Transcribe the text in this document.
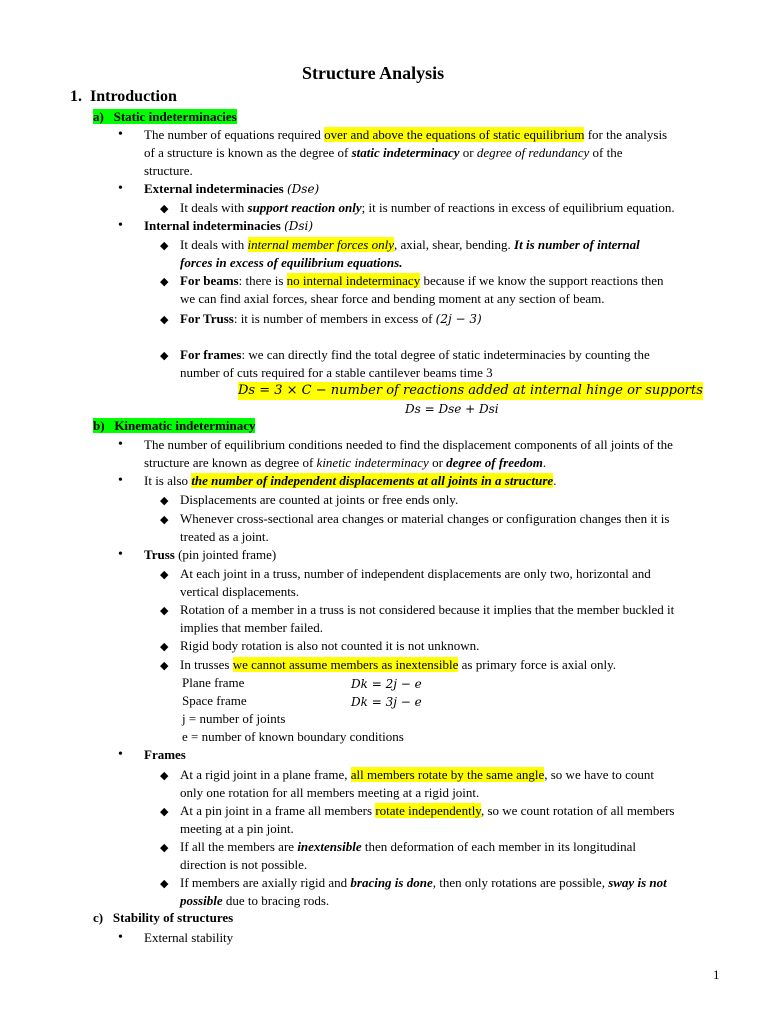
Structure Analysis
1. Introduction
a) Static indeterminacies
• The number of equations required over and above the equations of static equilibrium for the analysis
of a structure is known as the degree of static indeterminacy or degree of redundancy of the
structure.
• External indeterminacies (Dse)
◆ It deals with support reaction only; it is number of reactions in excess of equilibrium equation.
• Internal indeterminacies (Dsi)
◆ It deals with internal member forces only, axial, shear, bending. It is number of internal
forces in excess of equilibrium equations.
◆ For beams: there is no internal indeterminacy because if we know the support reactions then
we can find axial forces, shear force and bending moment at any section of beam.
◆ For Truss: it is number of members in excess of (2j − 3)
◆ For frames: we can directly find the total degree of static indeterminacies by counting the
number of cuts required for a stable cantilever beams time 3
Ds = 3 × C − number of reactions added at internal hinge or supports
Ds = Dse + Dsi
b) Kinematic indeterminacy
• The number of equilibrium conditions needed to find the displacement components of all joints of the
structure are known as degree of kinetic indeterminacy or degree of freedom.
• It is also the number of independent displacements at all joints in a structure.
◆ Displacements are counted at joints or free ends only.
◆ Whenever cross-sectional area changes or material changes or configuration changes then it is
treated as a joint.
• Truss (pin jointed frame)
◆ At each joint in a truss, number of independent displacements are only two, horizontal and
vertical displacements.
◆ Rotation of a member in a truss is not considered because it implies that the member buckled it
implies that member failed.
◆ Rigid body rotation is also not counted it is not unknown.
◆ In trusses we cannot assume members as inextensible as primary force is axial only.
Plane frame	Dk = 2j − e
Space frame	Dk = 3j − e
j = number of joints
e = number of known boundary conditions
• Frames
◆ At a rigid joint in a plane frame, all members rotate by the same angle, so we have to count
only one rotation for all members meeting at a rigid joint.
◆ At a pin joint in a frame all members rotate independently, so we count rotation of all members
meeting at a pin joint.
◆ If all the members are inextensible then deformation of each member in its longitudinal
direction is not possible.
◆ If members are axially rigid and bracing is done, then only rotations are possible, sway is not
possible due to bracing rods.
c) Stability of structures
• External stability
1
